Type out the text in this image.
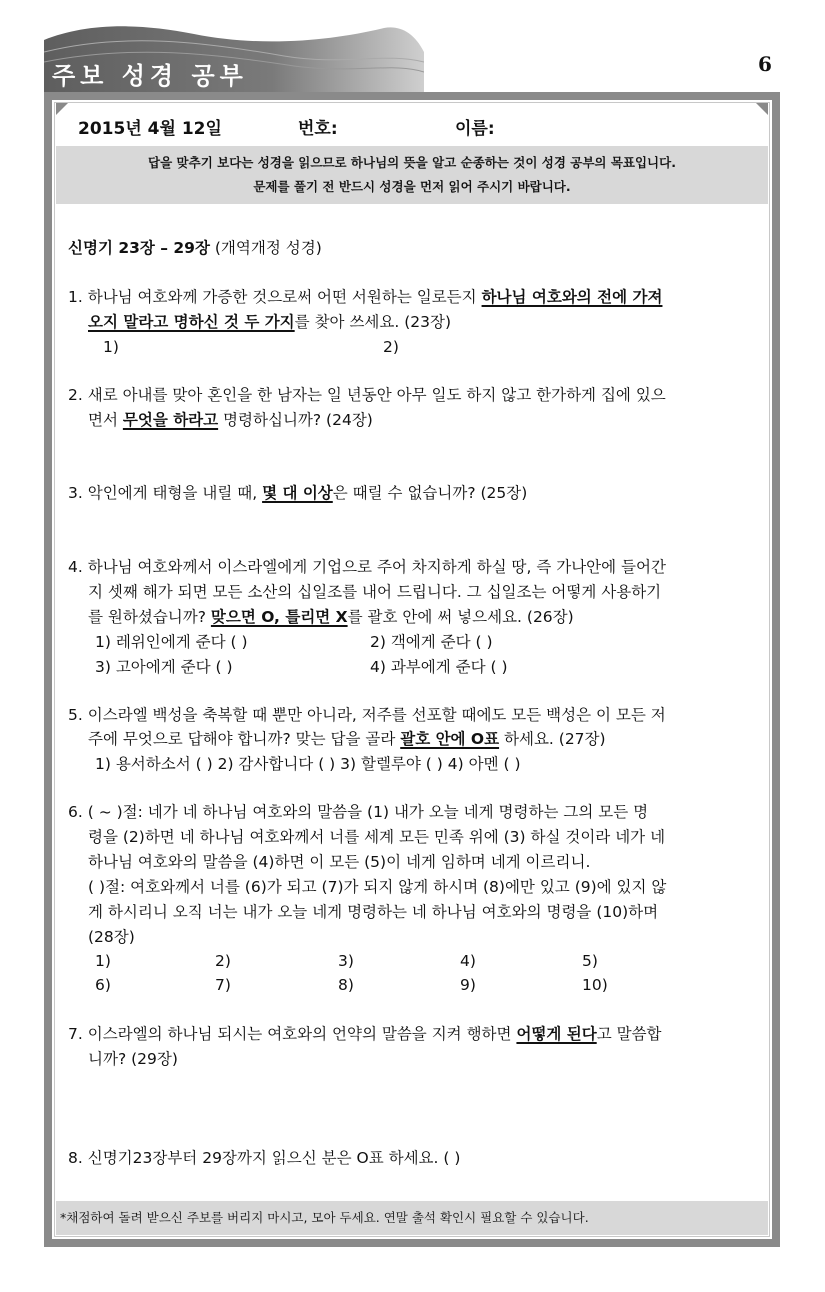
주보 성경 공부	6
2015년 4월 12일	번호:	이름:
답을 맞추기 보다는 성경을 읽으므로 하나님의 뜻을 알고 순종하는 것이 성경 공부의 목표입니다.
문제를 풀기 전 반드시 성경을 먼저 읽어 주시기 바랍니다.
신명기 23장 – 29장 (개역개정 성경)
1. 하나님 여호와께 가증한 것으로써 어떤 서원하는 일로든지 하나님 여호와의 전에 가져
오지 말라고 명하신 것 두 가지를 찾아 쓰세요. (23장)
1)	2)
2. 새로 아내를 맞아 혼인을 한 남자는 일 년동안 아무 일도 하지 않고 한가하게 집에 있으
면서 무엇을 하라고 명령하십니까? (24장)
3. 악인에게 태형을 내릴 때, 몇 대 이상은 때릴 수 없습니까? (25장)
4. 하나님 여호와께서 이스라엘에게 기업으로 주어 차지하게 하실 땅, 즉 가나안에 들어간
지 셋째 해가 되면 모든 소산의 십일조를 내어 드립니다. 그 십일조는 어떻게 사용하기
를 원하셨습니까? 맞으면 O, 틀리면 X를 괄호 안에 써 넣으세요. (26장)
1) 레위인에게 준다 ( )	2) 객에게 준다 ( )
3) 고아에게 준다 ( )	4) 과부에게 준다 ( )
5. 이스라엘 백성을 축복할 때 뿐만 아니라, 저주를 선포할 때에도 모든 백성은 이 모든 저
주에 무엇으로 답해야 합니까? 맞는 답을 골라 괄호 안에 O표 하세요. (27장)
1) 용서하소서 ( ) 2) 감사합니다 ( ) 3) 할렐루야 ( ) 4) 아멘 ( )
6. ( ~ )절: 네가 네 하나님 여호와의 말씀을 (1) 내가 오늘 네게 명령하는 그의 모든 명
령을 (2)하면 네 하나님 여호와께서 너를 세계 모든 민족 위에 (3) 하실 것이라 네가 네
하나님 여호와의 말씀을 (4)하면 이 모든 (5)이 네게 임하며 네게 이르리니.
( )절: 여호와께서 너를 (6)가 되고 (7)가 되지 않게 하시며 (8)에만 있고 (9)에 있지 않
게 하시리니 오직 너는 내가 오늘 네게 명령하는 네 하나님 여호와의 명령을 (10)하며
(28장)
1)	2)	3)	4)	5)
6)	7)	8)	9)	10)
7. 이스라엘의 하나님 되시는 여호와의 언약의 말씀을 지켜 행하면 어떻게 된다고 말씀합
니까? (29장)
8. 신명기23장부터 29장까지 읽으신 분은 O표 하세요. ( )
*채점하여 돌려 받으신 주보를 버리지 마시고, 모아 두세요. 연말 출석 확인시 필요할 수 있습니다.
